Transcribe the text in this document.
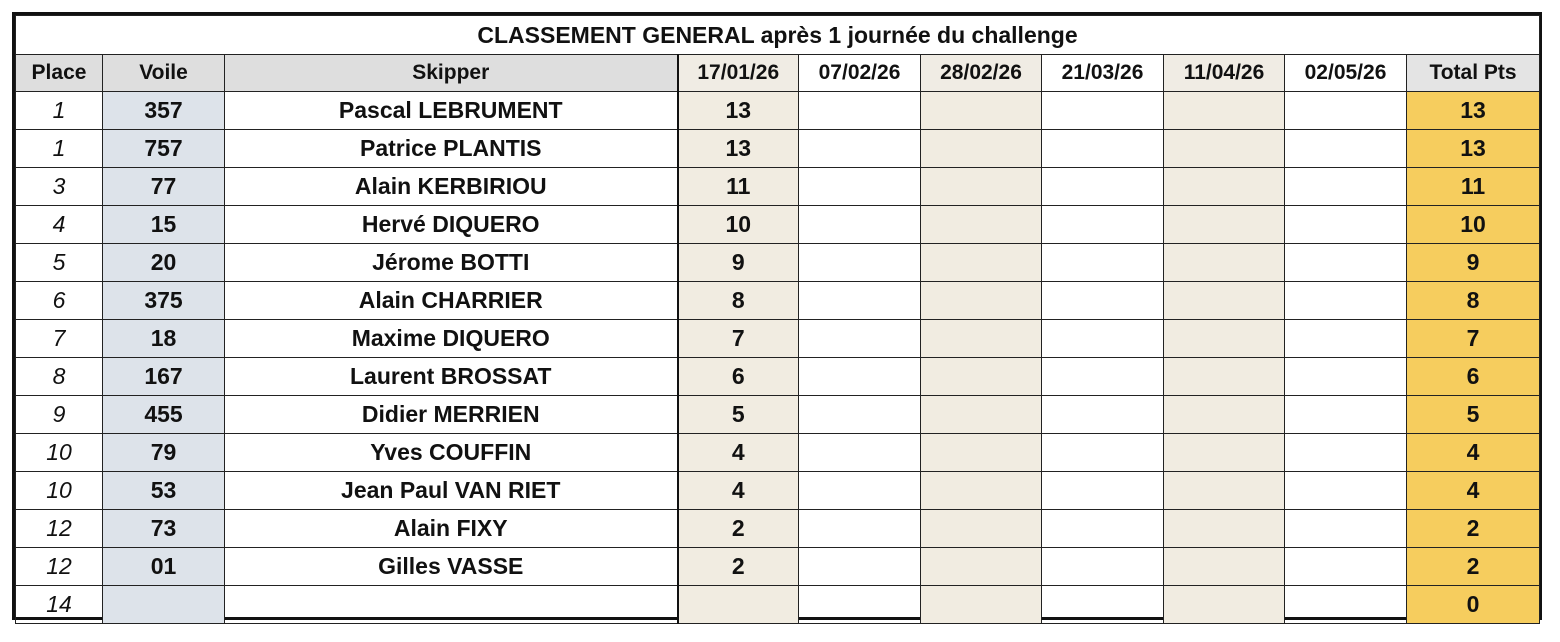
CLASSEMENT GENERAL après 1 journée du challenge									
Place	Voile	Skipper	17/01/26	07/02/26	28/02/26	21/03/26	11/04/26	02/05/26	Total Pts
1	357	Pascal LEBRUMENT	13						13
1	757	Patrice PLANTIS	13						13
3	77	Alain KERBIRIOU	11						11
4	15	Hervé DIQUERO	10						10
5	20	Jérome BOTTI	9						9
6	375	Alain CHARRIER	8						8
7	18	Maxime DIQUERO	7						7
8	167	Laurent BROSSAT	6						6
9	455	Didier MERRIEN	5						5
10	79	Yves COUFFIN	4						4
10	53	Jean Paul VAN RIET	4						4
12	73	Alain FIXY	2						2
12	01	Gilles VASSE	2						2
14									0
